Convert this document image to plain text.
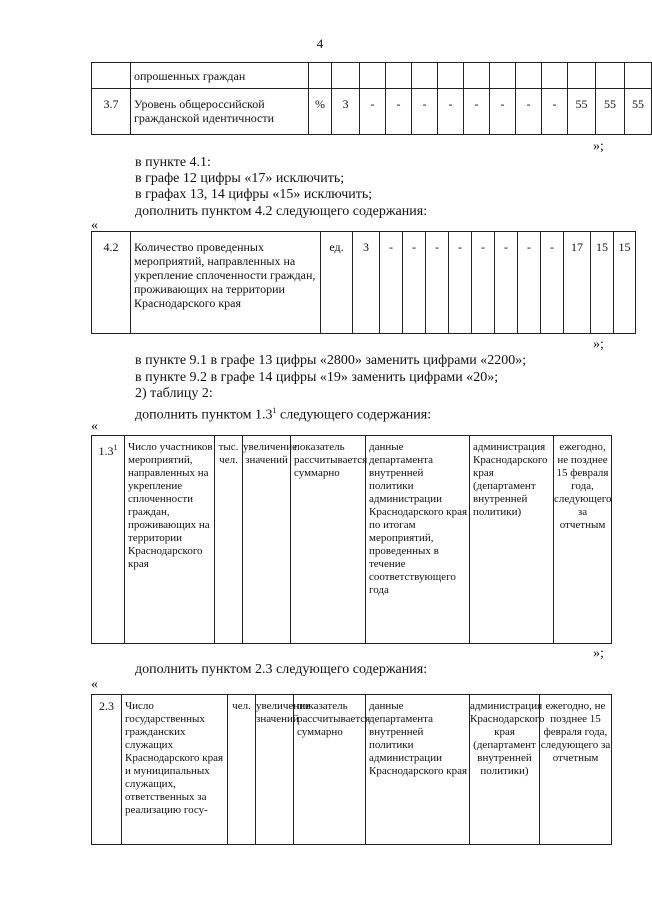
4
	опрошенных граждан													
3.7	Уровень общероссийской гражданской идентичности	%	3	-	-	-	-	-	-	-	-	55	55	55
»;
в пункте 4.1:
в графе 12 цифры «17» исключить;
в графах 13, 14 цифры «15» исключить;
дополнить пунктом 4.2 следующего содержания:
«
4.2	Количество проведенных мероприятий, направленных на укрепление сплоченности граждан, проживающих на территории Краснодарского края	ед.	3	-	-	-	-	-	-	-	-	17	15	15
»;
в пункте 9.1 в графе 13 цифры «2800» заменить цифрами «2200»;
в пункте 9.2 в графе 14 цифры «19» заменить цифрами «20»;
2) таблицу 2:
дополнить пунктом $1.3^1$ следующего содержания:
«
$1.3^1$	Число участников мероприятий, направленных на укрепление сплоченности граждан, проживающих на территории Краснодарского края	тыс. чел.	увеличение значений	показатель рассчитывается суммарно	данные департамента внутренней политики администрации Краснодарского края по итогам мероприятий, проведенных в течение соответствующего года	администрация Краснодарского края (департамент внутренней политики)	ежегодно, не позднее 15 февраля года, следующего за отчетным
»;
дополнить пунктом 2.3 следующего содержания:
«
2.3	Число государственных гражданских служащих Краснодарского края и муниципальных служащих, ответственных за реализацию госу-	чел.	увеличение значений	показатель рассчитывается суммарно	данные департамента внутренней политики администрации Краснодарского края	администрация Краснодарского края (департамент внутренней политики)	ежегодно, не позднее 15 февраля года, следующего за отчетным
